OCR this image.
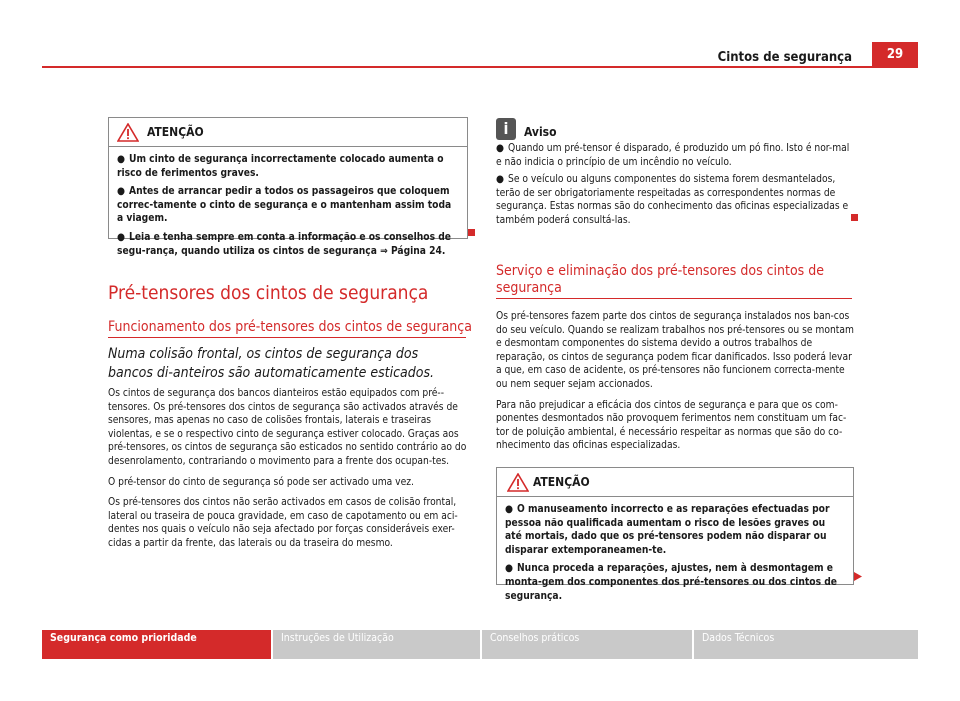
Cintos de segurança	29
ATENÇÃO

● Um cinto de segurança incorrectamente colocado aumenta o risco de ferimentos graves.

● Antes de arrancar pedir a todos os passageiros que coloquem correc-tamente o cinto de segurança e o mantenham assim toda a viagem.

● Leia e tenha sempre em conta a informação e os conselhos de segu-rança, quando utiliza os cintos de segurança ⇒ Página 24.

Pré-tensores dos cintos de segurança
Funcionamento dos pré-tensores dos cintos de segurança
Numa colisão frontal, os cintos de segurança dos bancos di-anteiros são automaticamente esticados.

Os cintos de segurança dos bancos dianteiros estão equipados com pré--tensores. Os pré-tensores dos cintos de segurança são activados através de sensores, mas apenas no caso de colisões frontais, laterais e traseiras violentas, e se o respectivo cinto de segurança estiver colocado. Graças aos pré-tensores, os cintos de segurança são esticados no sentido contrário ao do desenrolamento, contrariando o movimento para a frente dos ocupan-tes.

O pré-tensor do cinto de segurança só pode ser activado uma vez.

Os pré-tensores dos cintos não serão activados em casos de colisão frontal, lateral ou traseira de pouca gravidade, em caso de capotamento ou em aci-dentes nos quais o veículo não seja afectado por forças consideráveis exer-cidas a partir da frente, das laterais ou da traseira do mesmo.

i	Aviso

● Quando um pré-tensor é disparado, é produzido um pó fino. Isto é nor-mal e não indicia o princípio de um incêndio no veículo.

● Se o veículo ou alguns componentes do sistema forem desmantelados, terão de ser obrigatoriamente respeitadas as correspondentes normas de segurança. Estas normas são do conhecimento das oficinas especializadas e também poderá consultá-las.

Serviço e eliminação dos pré-tensores dos cintos de segurança

Os pré-tensores fazem parte dos cintos de segurança instalados nos ban-cos do seu veículo. Quando se realizam trabalhos nos pré-tensores ou se montam e desmontam componentes do sistema devido a outros trabalhos de reparação, os cintos de segurança podem ficar danificados. Isso poderá levar a que, em caso de acidente, os pré-tensores não funcionem correcta-mente ou nem sequer sejam accionados.

Para não prejudicar a eficácia dos cintos de segurança e para que os com-ponentes desmontados não provoquem ferimentos nem constituam um fac-tor de poluição ambiental, é necessário respeitar as normas que são do co-nhecimento das oficinas especializadas.

ATENÇÃO

● O manuseamento incorrecto e as reparações efectuadas por pessoa não qualificada aumentam o risco de lesões graves ou até mortais, dado que os pré-tensores podem não disparar ou disparar extemporaneamen-te.

● Nunca proceda a reparações, ajustes, nem à desmontagem e monta-gem dos componentes dos pré-tensores ou dos cintos de segurança.

Segurança como prioridade	Instruções de Utilização	Conselhos práticos	Dados Técnicos
